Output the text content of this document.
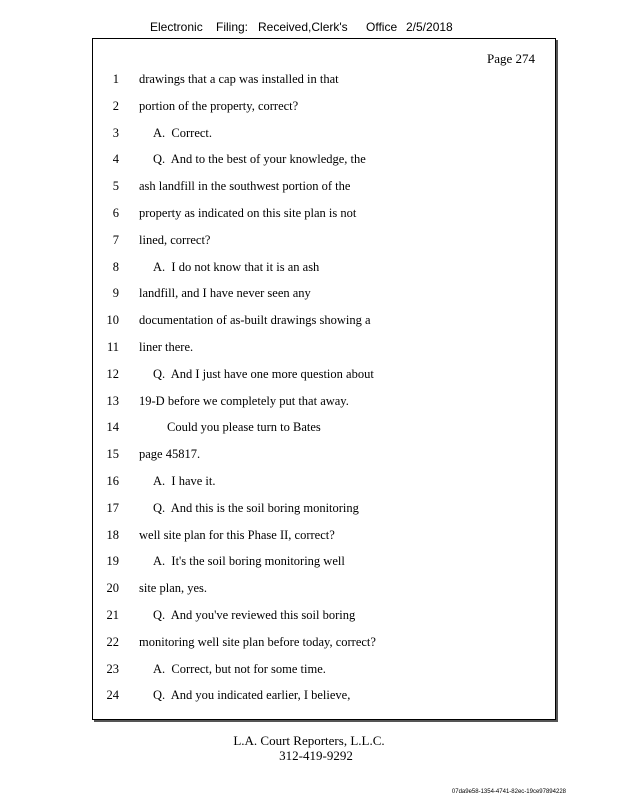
Electronic Filing: Received,Clerk's Office 2/5/2018
Page 274
1 drawings that a cap was installed in that
2 portion of the property, correct?
3	A.  Correct.
4	Q.  And to the best of your knowledge, the
5 ash landfill in the southwest portion of the
6 property as indicated on this site plan is not
7 lined, correct?
8	A.  I do not know that it is an ash
9 landfill, and I have never seen any
10 documentation of as-built drawings showing a
11 liner there.
12	Q.  And I just have one more question about
13 19-D before we completely put that away.
14	Could you please turn to Bates
15 page 45817.
16	A.  I have it.
17	Q.  And this is the soil boring monitoring
18 well site plan for this Phase II, correct?
19	A.  It's the soil boring monitoring well
20 site plan, yes.
21	Q.  And you've reviewed this soil boring
22 monitoring well site plan before today, correct?
23	A.  Correct, but not for some time.
24	Q.  And you indicated earlier, I believe,
L.A. Court Reporters, L.L.C.
312-419-9292
07da9e58-1354-4741-82ec-19ce97894228
